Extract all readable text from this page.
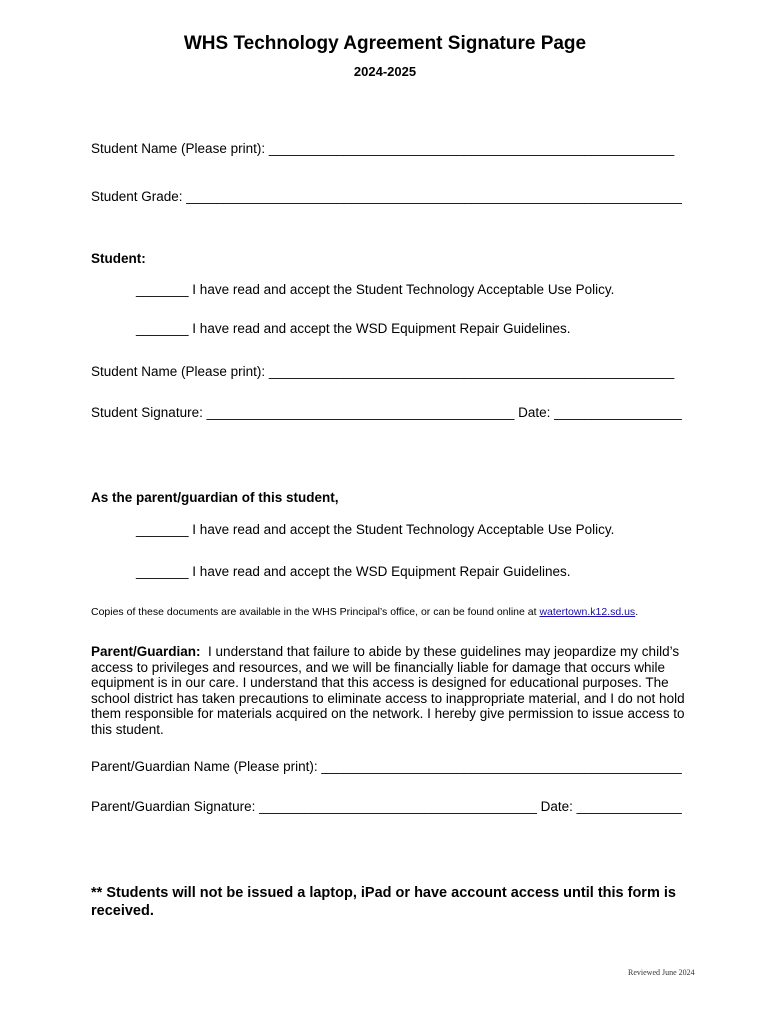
WHS Technology Agreement Signature Page
2024-2025
Student Name (Please print): ______________________________________________________
Student Grade: __________________________________________________________________
Student:
_______ I have read and accept the Student Technology Acceptable Use Policy.
_______ I have read and accept the WSD Equipment Repair Guidelines.
Student Name (Please print): ______________________________________________________
Student Signature: _________________________________________ Date: _________________
As the parent/guardian of this student,
_______ I have read and accept the Student Technology Acceptable Use Policy.
_______ I have read and accept the WSD Equipment Repair Guidelines.
Copies of these documents are available in the WHS Principal’s office, or can be found online at watertown.k12.sd.us.
Parent/Guardian: I understand that failure to abide by these guidelines may jeopardize my child’s access to privileges and resources, and we will be financially liable for damage that occurs while equipment is in our care. I understand that this access is designed for educational purposes. The school district has taken precautions to eliminate access to inappropriate material, and I do not hold them responsible for materials acquired on the network. I hereby give permission to issue access to this student.
Parent/Guardian Name (Please print): ________________________________________________
Parent/Guardian Signature: _____________________________________ Date: ______________
** Students will not be issued a laptop, iPad or have account access until this form is received.
Reviewed June 2024
